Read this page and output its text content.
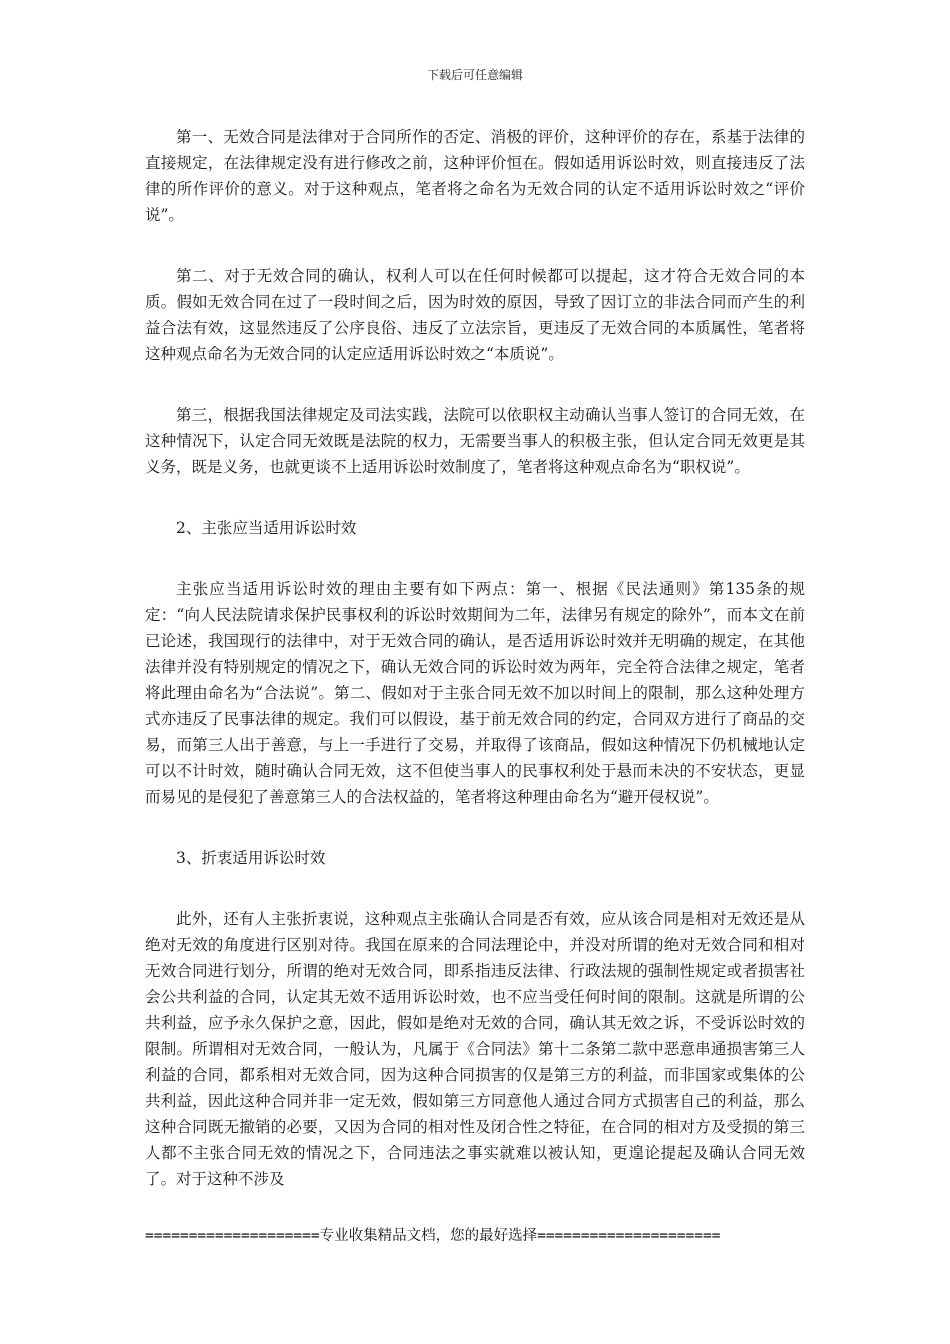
下载后可任意编辑

第一、无效合同是法律对于合同所作的否定、消极的评价，这种评价的存在，系基于法律的直接规定，在法律规定没有进行修改之前，这种评价恒在。假如适用诉讼时效，则直接违反了法律的所作评价的意义。对于这种观点，笔者将之命名为无效合同的认定不适用诉讼时效之“评价说”。

第二、对于无效合同的确认，权利人可以在任何时候都可以提起，这才符合无效合同的本质。假如无效合同在过了一段时间之后，因为时效的原因，导致了因订立的非法合同而产生的利益合法有效，这显然违反了公序良俗、违反了立法宗旨，更违反了无效合同的本质属性，笔者将这种观点命名为无效合同的认定应适用诉讼时效之“本质说”。

第三，根据我国法律规定及司法实践，法院可以依职权主动确认当事人签订的合同无效，在这种情况下，认定合同无效既是法院的权力，无需要当事人的积极主张，但认定合同无效更是其义务，既是义务，也就更谈不上适用诉讼时效制度了，笔者将这种观点命名为“职权说”。

2、主张应当适用诉讼时效

主张应当适用诉讼时效的理由主要有如下两点：第一、根据《民法通则》第135条的规定：“向人民法院请求保护民事权利的诉讼时效期间为二年，法律另有规定的除外”，而本文在前已论述，我国现行的法律中，对于无效合同的确认，是否适用诉讼时效并无明确的规定，在其他法律并没有特别规定的情况之下，确认无效合同的诉讼时效为两年，完全符合法律之规定，笔者将此理由命名为“合法说”。第二、假如对于主张合同无效不加以时间上的限制，那么这种处理方式亦违反了民事法律的规定。我们可以假设，基于前无效合同的约定，合同双方进行了商品的交易，而第三人出于善意，与上一手进行了交易，并取得了该商品，假如这种情况下仍机械地认定可以不计时效，随时确认合同无效，这不但使当事人的民事权利处于悬而未决的不安状态，更显而易见的是侵犯了善意第三人的合法权益的，笔者将这种理由命名为“避开侵权说”。

3、折衷适用诉讼时效

此外，还有人主张折衷说，这种观点主张确认合同是否有效，应从该合同是相对无效还是从绝对无效的角度进行区别对待。我国在原来的合同法理论中，并没对所谓的绝对无效合同和相对无效合同进行划分，所谓的绝对无效合同，即系指违反法律、行政法规的强制性规定或者损害社会公共利益的合同，认定其无效不适用诉讼时效，也不应当受任何时间的限制。这就是所谓的公共利益，应予永久保护之意，因此，假如是绝对无效的合同，确认其无效之诉，不受诉讼时效的限制。所谓相对无效合同，一般认为，凡属于《合同法》第十二条第二款中恶意串通损害第三人利益的合同，都系相对无效合同，因为这种合同损害的仅是第三方的利益，而非国家或集体的公共利益，因此这种合同并非一定无效，假如第三方同意他人通过合同方式损害自己的利益，那么这种合同既无撤销的必要，又因为合同的相对性及闭合性之特征，在合同的相对方及受损的第三人都不主张合同无效的情况之下，合同违法之事实就难以被认知，更遑论提起及确认合同无效了。对于这种不涉及

====================专业收集精品文档，您的最好选择=====================
